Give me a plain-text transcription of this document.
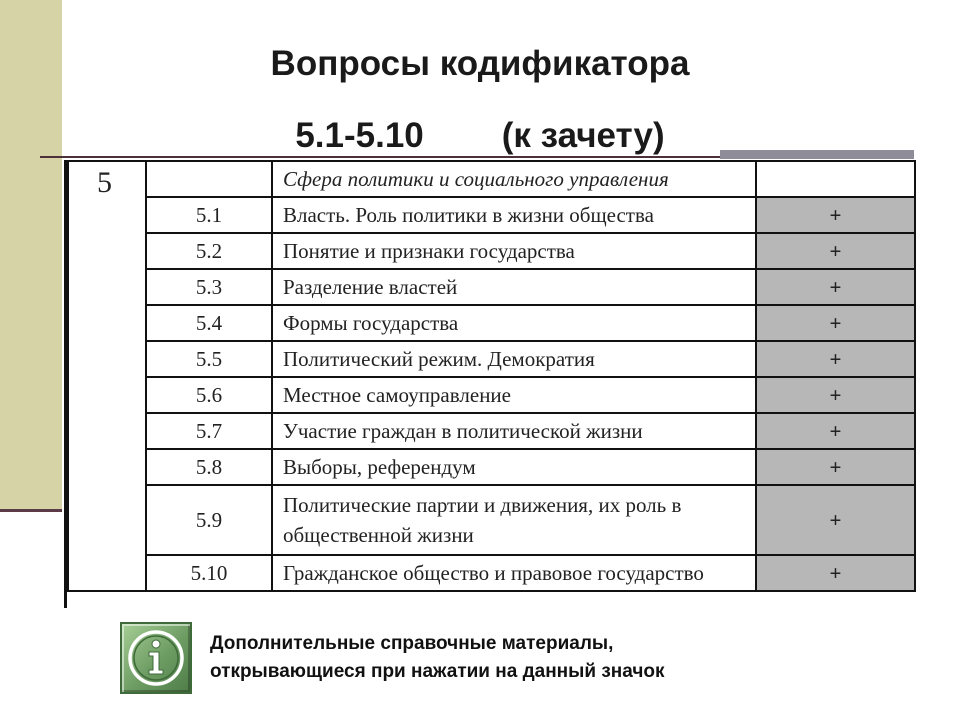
Вопросы кодификатора
5.1-5.10 (к зачету)
5		Сфера политики и социального управления	
	5.1	Власть. Роль политики в жизни общества	+
	5.2	Понятие и признаки государства	+
	5.3	Разделение властей	+
	5.4	Формы государства	+
	5.5	Политический режим. Демократия	+
	5.6	Местное самоуправление	+
	5.7	Участие граждан в политической жизни	+
	5.8	Выборы, референдум	+
	5.9	Политические партии и движения, их роль в общественной жизни	+
	5.10	Гражданское общество и правовое государство	+
Дополнительные справочные материалы,
открывающиеся при нажатии на данный значок
